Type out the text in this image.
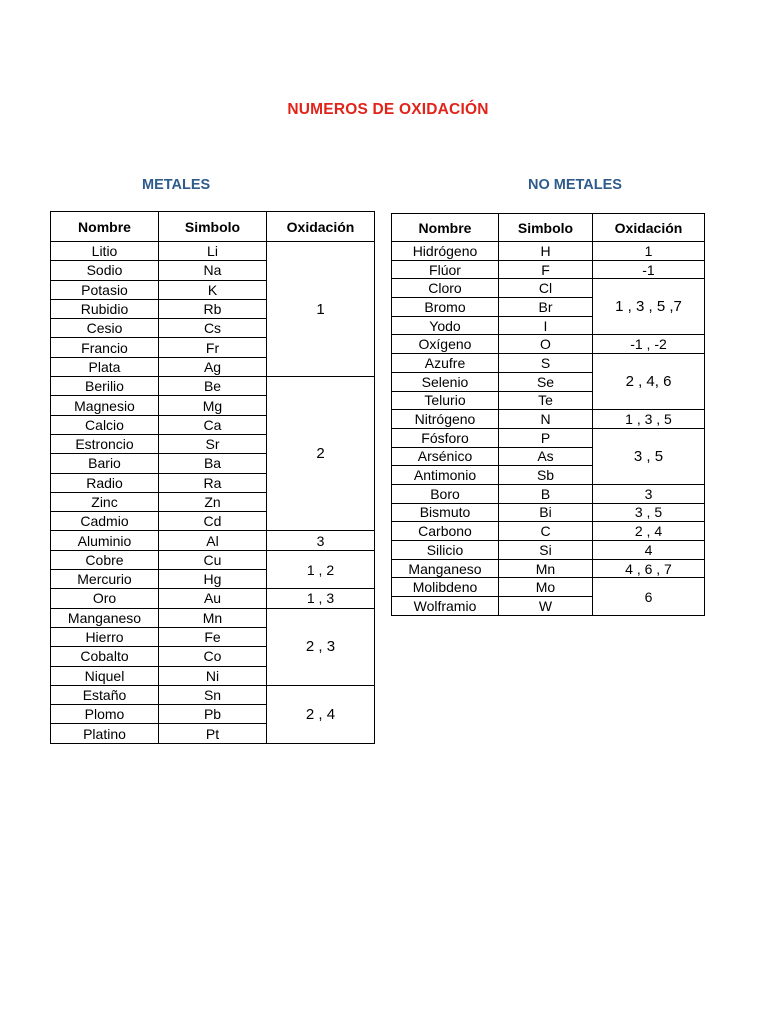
NUMEROS DE OXIDACIÓN
METALES	NO METALES
Nombre	Simbolo	Oxidación
Litio	Li	1
Sodio	Na	
Potasio	K	
Rubidio	Rb	
Cesio	Cs	
Francio	Fr	
Plata	Ag	
Berilio	Be	2
Magnesio	Mg	
Calcio	Ca	
Estroncio	Sr	
Bario	Ba	
Radio	Ra	
Zinc	Zn	
Cadmio	Cd	
Aluminio	Al	3
Cobre	Cu	1 , 2
Mercurio	Hg	
Oro	Au	1 , 3
Manganeso	Mn	2 , 3
Hierro	Fe	
Cobalto	Co	
Niquel	Ni	
Estaño	Sn	2 , 4
Plomo	Pb	
Platino	Pt	
Nombre	Simbolo	Oxidación
Hidrógeno	H	1
Flúor	F	-1
Cloro	Cl	1 , 3 , 5 ,7
Bromo	Br	
Yodo	I	
Oxígeno	O	-1 , -2
Azufre	S	2 , 4, 6
Selenio	Se	
Telurio	Te	
Nitrógeno	N	1 , 3 , 5
Fósforo	P	3 , 5
Arsénico	As	
Antimonio	Sb	
Boro	B	3
Bismuto	Bi	3 , 5
Carbono	C	2 , 4
Silicio	Si	4
Manganeso	Mn	4 , 6 , 7
Molibdeno	Mo	6
Wolframio	W	
